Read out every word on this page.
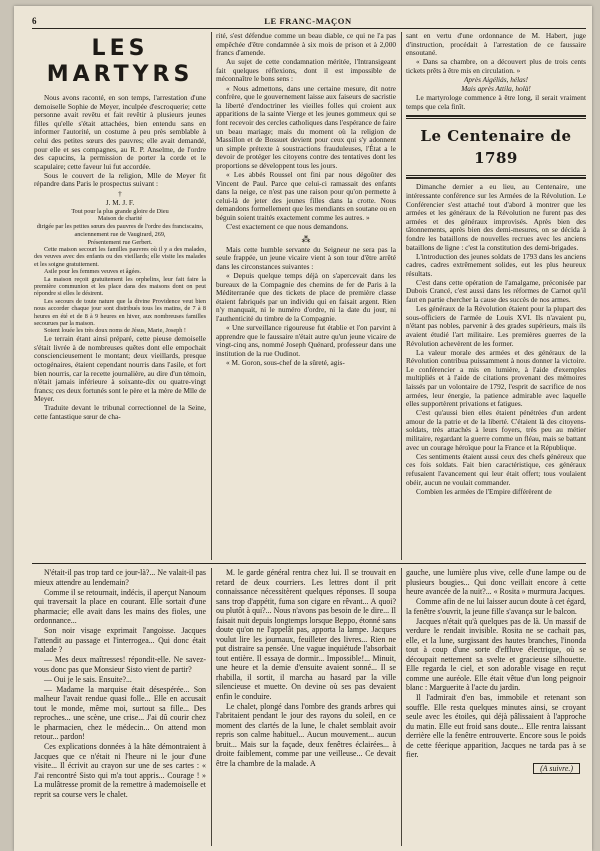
6	LE FRANC-MAÇON
LES MARTYRS

Nous avons raconté, en son temps, l'arrestation d'une demoiselle Sophie de Meyer, inculpée d'escroquerie; cette personne avait revêtu et fait revêtir à plusieurs jeunes filles qu'elle s'était attachées, bien entendu sans en informer l'autorité, un costume à peu près semblable à celui des petites sœurs des pauvres; elle avait demandé, pour elle et ses compagnes, au R. P. Anselme, de l'ordre des capucins, la permission de porter la corde et le scapulaire; cette faveur lui fut accordée.

Sous le couvert de la religion, Mlle de Meyer fit répandre dans Paris le prospectus suivant :

†

J. M. J. F.

Tout pour la plus grande gloire de Dieu

Maison de charité

dirigée par les petites sœurs des pauvres de l'ordre des franciscains,

anciennement rue de Vaugirard, 269,

Présentement rue Gerbert.

Cette maison secourt les familles pauvres où il y a des malades, des veuves avec des enfants ou des vieillards; elle visite les malades et les soigne gratuitement.

Asile pour les femmes veuves et âgées.

La maison reçoit gratuitement les orphelins, leur fait faire la première communion et les place dans des maisons dont on peut répondre si elles le désirent.

Les secours de toute nature que la divine Providence veut bien nous accorder chaque jour sont distribués tous les matins, de 7 à 8 heures en été et de 8 à 9 heures en hiver, aux nombreuses familles secourues par la maison.

Soient louée les très doux noms de Jésus, Marie, Joseph !

Le terrain étant ainsi préparé, cette pieuse demoiselle s'était livrée à de nombreuses quêtes dont elle empochait consciencieusement le montant; deux vieillards, presque octogénaires, étaient cependant nourris dans l'asile, et fort bien nourris, car la recette journalière, au dire d'un témoin, n'était jamais inférieure à soixante-dix ou quatre-vingt francs; ces deux fortunés sont le père et la mère de Mlle de Meyer.

Traduite devant le tribunal correctionnel de la Seine, cette fantastique sœur de cha-

rité, s'est défendue comme un beau diable, ce qui ne l'a pas empêchée d'être condamnée à six mois de prison et à 2,000 francs d'amende.

Au sujet de cette condamnation méritée, l'Intransigeant fait quelques réflexions, dont il est impossible de méconnaître le bons sens :

« Nous admettons, dans une certaine mesure, dit notre confrère, que le gouvernement laisse aux faiseurs de sacristie la liberté d'endoctriner les vieilles folles qui croient aux apparitions de la sainte Vierge et les jeunes gommeux qui se font recevoir des cercles catholiques dans l'espérance de faire un beau mariage; mais du moment où la religion de Massillon et de Bossuet devient pour ceux qui s'y adonnent un simple prétexte à soustractions frauduleuses, l'État a le devoir de protéger les citoyens contre des tentatives dont les proportions se développent tous les jours.

« Les abbés Roussel ont fini par nous dégoûter des Vincent de Paul. Parce que celui-ci ramassait des enfants dans la neige, ce n'est pas une raison pour qu'on permette à celui-là de jeter des jeunes filles dans la crotte. Nous demandons formellement que les mendiants en soutane ou en béguin soient traités exactement comme les autres. »

C'est exactement ce que nous demandons.

⁂

Mais cette humble servante du Seigneur ne sera pas la seule frappée, un jeune vicaire vient à son tour d'être arrêté dans les circonstances suivantes :

« Depuis quelque temps déjà on s'apercevait dans les bureaux de la Compagnie des chemins de fer de Paris à la Méditerranée que des tickets de place de première classe étaient fabriqués par un individu qui en faisait argent. Rien n'y manquait, ni le numéro d'ordre, ni la date du jour, ni l'authenticité du timbre de la Compagnie.

« Une surveillance rigoureuse fut établie et l'on parvint à apprendre que le faussaire n'était autre qu'un jeune vicaire de vingt-cinq ans, nommé Joseph Quénard, professeur dans une institution de la rue Oudinot.

« M. Goron, sous-chef de la sûreté, agis-

sant en vertu d'une ordonnance de M. Habert, juge d'instruction, procédait à l'arrestation de ce faussaire ensoutané.

« Dans sa chambre, on a découvert plus de trois cents tickets prêts à être mis en circulation. »

Après Aigéliás, hélas!

Mais après Attila, holà!

Le martyrologe commence à être long, il serait vraiment temps que cela finît.

Le Centenaire de 1789

Dimanche dernier a eu lieu, au Centenaire, une intéressante conférence sur les Armées de la Révolution. Le Conférencier s'est attaché tout d'abord à montrer que les armées et les généraux de la Révolution ne furent pas des armées et des généraux improvisés. Après bien des tâtonnements, après bien des demi-mesures, on se décida à fondre les bataillons de nouvelles recrues avec les anciens bataillons de ligne : c'est la constitution des demi-brigades.

L'introduction des jeunes soldats de 1793 dans les anciens cadres, cadres extrêmement solides, eut les plus heureux résultats.

C'est dans cette opération de l'amalgame, préconisée par Dubois Crancé, c'est aussi dans les réformes de Carnot qu'il faut en partie chercher la cause des succès de nos armes.

Les généraux de la Révolution étaient pour la plupart des sous-officiers de l'armée de Louis XVI. Ils n'avaient pu, n'étant pas nobles, parvenir à des grades supérieurs, mais ils avaient étudié l'art militaire. Les premières guerres de la Révolution achevèrent de les former.

La valeur morale des armées et des généraux de la Révolution contribua puissamment à nous donner la victoire. Le conférencier a mis en lumière, à l'aide d'exemples multipliés et à l'aide de citations provenant des mémoires laissés par un volontaire de 1792, l'esprit de sacrifice de nos armées, leur énergie, la patience admirable avec laquelle elles supportèrent privations et fatigues.

C'est qu'aussi bien elles étaient pénétrées d'un ardent amour de la patrie et de la liberté. C'étaient là des citoyens-soldats, très attachés à leurs foyers, très peu au métier militaire, regardant la guerre comme un fléau, mais se battant avec un courage héroïque pour la France et la République.

Ces sentiments étaient aussi ceux des chefs généreux que ces fois soldats. Fait bien caractéristique, ces généraux refusaient l'avancement qui leur était offert; tous voulaient obéir, aucun ne voulait commander.

Combien les armées de l'Empire différèrent de

N'était-il pas trop tard ce jour-là?... Ne valait-il pas mieux attendre au lendemain?

Comme il se retournait, indécis, il aperçut Nanoum qui traversait la place en courant. Elle sortait d'une pharmacie; elle avait dans les mains des fioles, une ordonnance...

Son noir visage exprimait l'angoisse. Jacques l'attendit au passage et l'interrogea... Qui donc était malade ?

— Mes deux maîtresses! répondit-elle. Ne savez-vous donc pas que Monsieur Sisto vient de partir?

— Oui je le sais. Ensuite?...

— Madame la marquise était désespérée... Son malheur l'avait rendue quasi folle... Elle en accusait tout le monde, même moi, surtout sa fille... Des reproches... une scène, une crise... J'ai dû courir chez le pharmacien, chez le médecin... On attend mon retour... pardon!

Ces explications données à la hâte démontraient à Jacques que ce n'était ni l'heure ni le jour d'une visite... Il écrivit au crayon sur une de ses cartes : « J'ai rencontré Sisto qui m'a tout appris... Courage ! » La mulâtresse promit de la remettre à mademoiselle et reprit sa course vers le chalet.

M. le garde général rentra chez lui. Il se trouvait en retard de deux courriers. Les lettres dont il prit connaissance nécessitèrent quelques réponses. Il soupa sans trop d'appétit, fuma son cigare en rêvant... A quoi? ou plutôt à qui?... Nous n'avons pas besoin de le dire... Il faisait nuit depuis longtemps lorsque Beppo, étonné sans doute qu'on ne l'appelât pas, apporta la lampe. Jacques voulut lire les journaux, feuilleter des livres... Rien ne put distraire sa pensée. Une vague inquiétude l'absorbait tout entière. Il essaya de dormir... Impossible!... Minuit, une heure et la demie d'ensuite avaient sonné... Il se rhabilla, il sortit, il marcha au hasard par la ville silencieuse et muette. On devine où ses pas devaient enfin le conduire.

Le chalet, plongé dans l'ombre des grands arbres qui l'abritaient pendant le jour des rayons du soleil, en ce moment des clartés de la lune, le chalet semblait avoir repris son calme habituel... Aucun mouvement... aucun bruit... Mais sur la façade, deux fenêtres éclairées... à droite faiblement, comme par une veilleuse... Ce devait être la chambre de la malade. A

gauche, une lumière plus vive, celle d'une lampe ou de plusieurs bougies... Qui donc veillait encore à cette heure avancée de la nuit?... « Rosita » murmura Jacques.

Comme afin de ne lui laisser aucun doute à cet égard, la fenêtre s'ouvrit, la jeune fille s'avança sur le balcon.

Jacques n'était qu'à quelques pas de là. Un massif de verdure le rendait invisible. Rosita ne se cachait pas, elle, et la lune, surgissant des hautes branches, l'inonda tout à coup d'une sorte d'effluve électrique, où se découpait nettement sa svelte et gracieuse silhouette. Elle regarda le ciel, et son adorable visage en reçut comme une auréole. Elle était vêtue d'un long peignoir blanc : Marguerite à l'acte du jardin.

Il l'admirait d'en bas, immobile et retenant son souffle. Elle resta quelques minutes ainsi, se croyant seule avec les étoiles, qui déjà pâlissaient à l'approche du matin. Elle eut froid sans doute... Elle rentra laissant derrière elle la fenêtre entrouverte. Encore sous le poids de cette féerique apparition, Jacques ne tarda pas à se fier.

(A suivre.)
